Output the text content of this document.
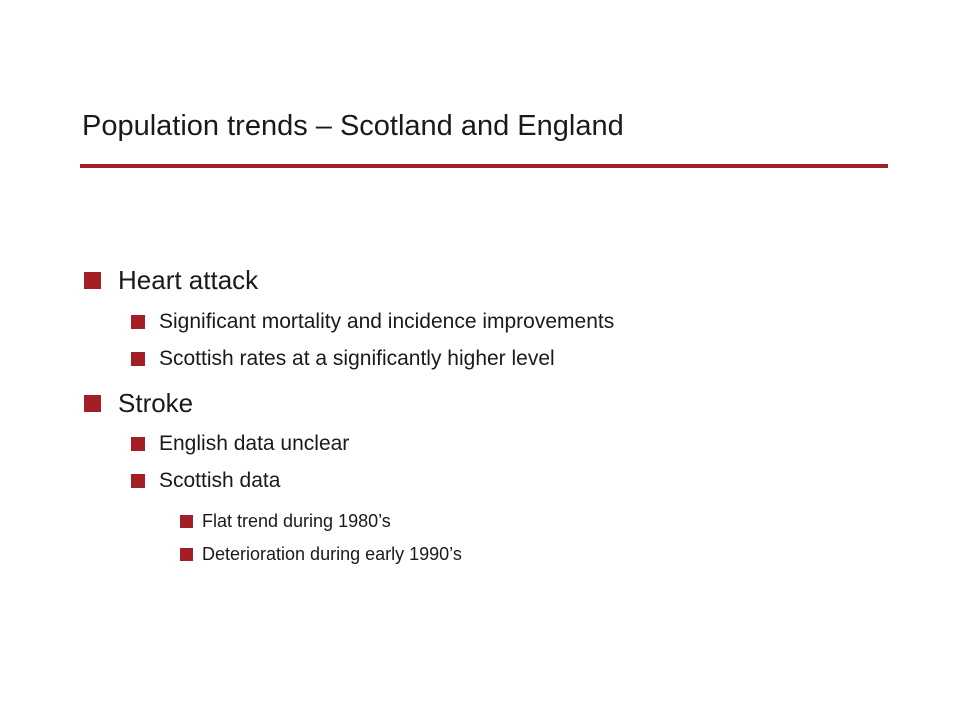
Population trends – Scotland and England
Heart attack
Significant mortality and incidence improvements
Scottish rates at a significantly higher level
Stroke
English data unclear
Scottish data
Flat trend during 1980’s
Deterioration during early 1990’s
